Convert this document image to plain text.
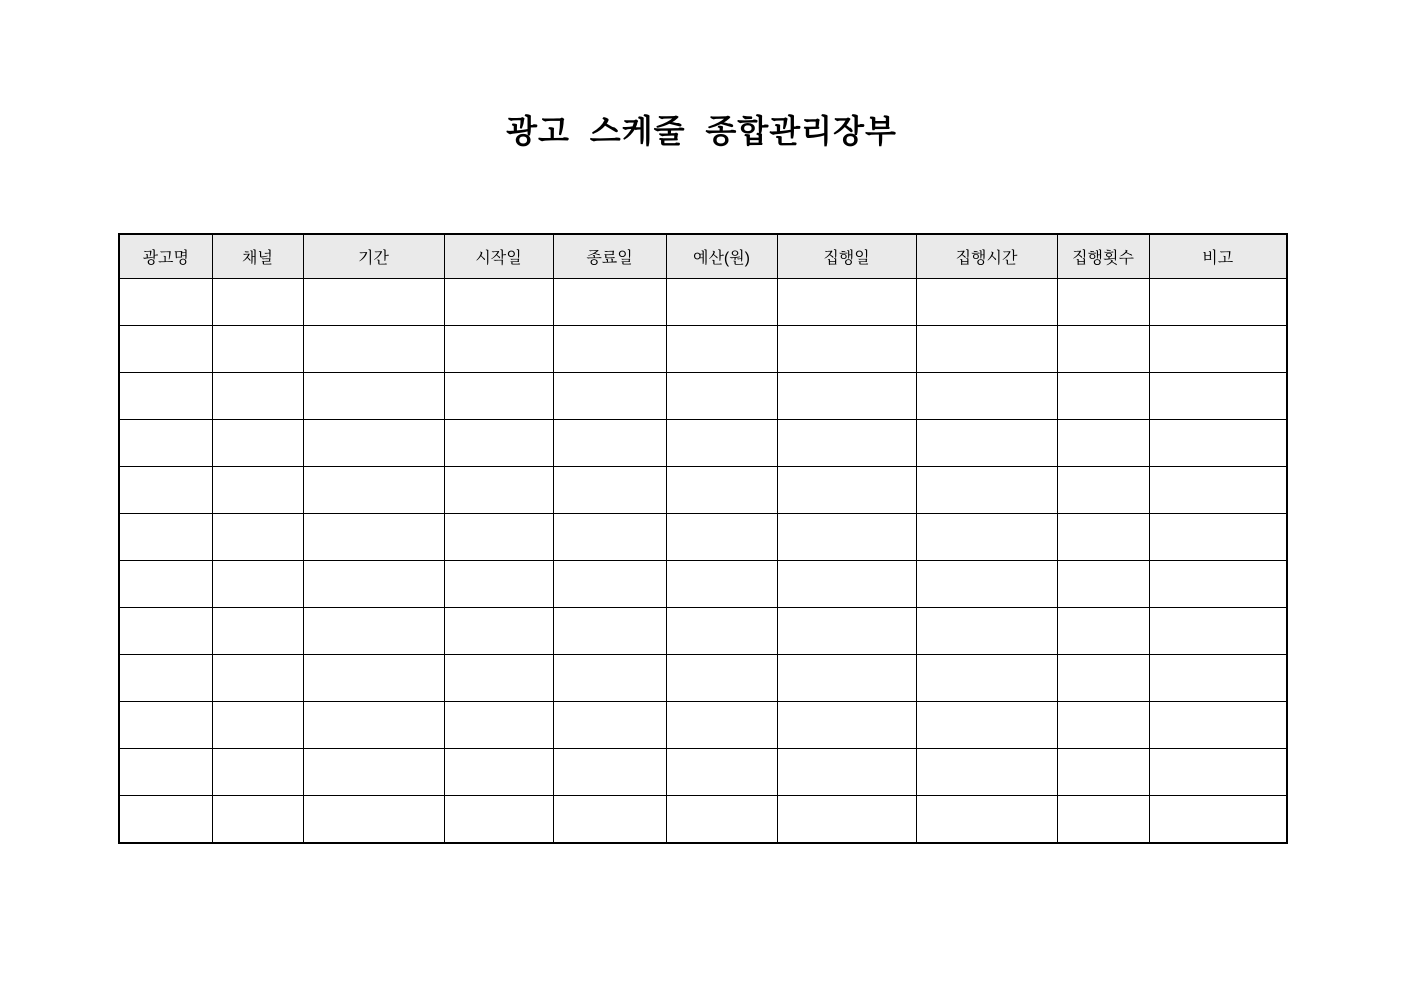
광고 스케줄 종합관리장부
광고명	채널	기간	시작일	종료일	예산(원)	집행일	집행시간	집행횟수	비고
